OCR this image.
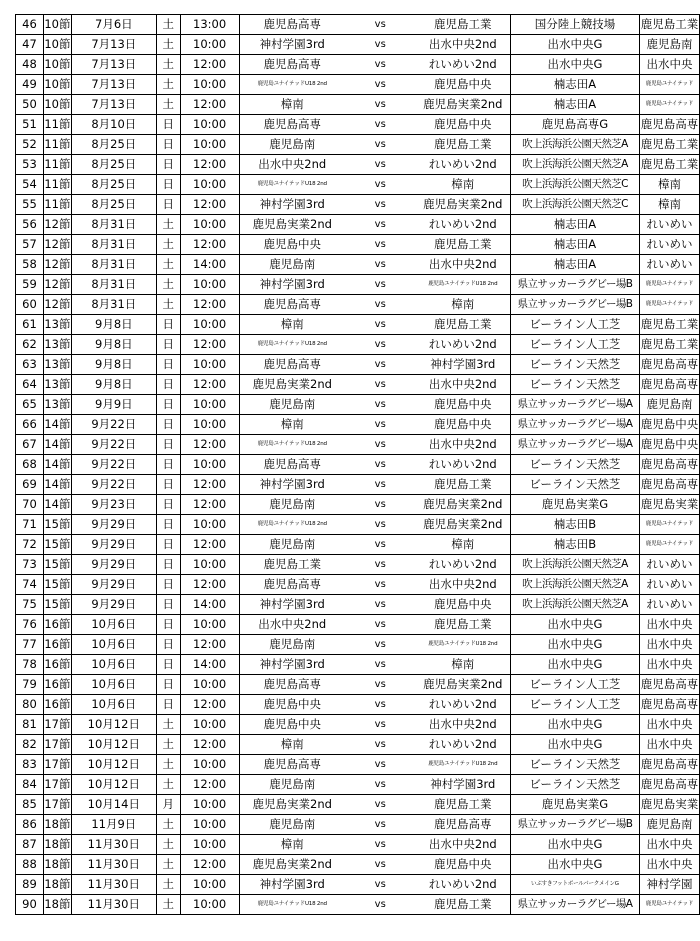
46	10節	7月6日	土	13:00	鹿児島高専	vs	鹿児島工業	国分陸上競技場	鹿児島工業
47	10節	7月13日	土	10:00	神村学園3rd	vs	出水中央2nd	出水中央G	鹿児島南
48	10節	7月13日	土	12:00	鹿児島高専	vs	れいめい2nd	出水中央G	出水中央
49	10節	7月13日	土	10:00	鹿児島ユナイテッドU18 2nd	vs	鹿児島中央	楠志田A	鹿児島ユナイテッド
50	10節	7月13日	土	12:00	樟南	vs	鹿児島実業2nd	楠志田A	鹿児島ユナイテッド
51	11節	8月10日	日	10:00	鹿児島高専	vs	鹿児島中央	鹿児島高専G	鹿児島高専
52	11節	8月25日	日	10:00	鹿児島南	vs	鹿児島工業	吹上浜海浜公園天然芝A	鹿児島工業
53	11節	8月25日	日	12:00	出水中央2nd	vs	れいめい2nd	吹上浜海浜公園天然芝A	鹿児島工業
54	11節	8月25日	日	10:00	鹿児島ユナイテッドU18 2nd	vs	樟南	吹上浜海浜公園天然芝C	樟南
55	11節	8月25日	日	12:00	神村学園3rd	vs	鹿児島実業2nd	吹上浜海浜公園天然芝C	樟南
56	12節	8月31日	土	10:00	鹿児島実業2nd	vs	れいめい2nd	楠志田A	れいめい
57	12節	8月31日	土	12:00	鹿児島中央	vs	鹿児島工業	楠志田A	れいめい
58	12節	8月31日	土	14:00	鹿児島南	vs	出水中央2nd	楠志田A	れいめい
59	12節	8月31日	土	10:00	神村学園3rd	vs	鹿児島ユナイテッドU18 2nd	県立サッカーラグビー場B	鹿児島ユナイテッド
60	12節	8月31日	土	12:00	鹿児島高専	vs	樟南	県立サッカーラグビー場B	鹿児島ユナイテッド
61	13節	9月8日	日	10:00	樟南	vs	鹿児島工業	ビーライン人工芝	鹿児島工業
62	13節	9月8日	日	12:00	鹿児島ユナイテッドU18 2nd	vs	れいめい2nd	ビーライン人工芝	鹿児島工業
63	13節	9月8日	日	10:00	鹿児島高専	vs	神村学園3rd	ビーライン天然芝	鹿児島高専
64	13節	9月8日	日	12:00	鹿児島実業2nd	vs	出水中央2nd	ビーライン天然芝	鹿児島高専
65	13節	9月9日	日	10:00	鹿児島南	vs	鹿児島中央	県立サッカーラグビー場A	鹿児島南
66	14節	9月22日	日	10:00	樟南	vs	鹿児島中央	県立サッカーラグビー場A	鹿児島中央
67	14節	9月22日	日	12:00	鹿児島ユナイテッドU18 2nd	vs	出水中央2nd	県立サッカーラグビー場A	鹿児島中央
68	14節	9月22日	日	10:00	鹿児島高専	vs	れいめい2nd	ビーライン天然芝	鹿児島高専
69	14節	9月22日	日	12:00	神村学園3rd	vs	鹿児島工業	ビーライン天然芝	鹿児島高専
70	14節	9月23日	日	12:00	鹿児島南	vs	鹿児島実業2nd	鹿児島実業G	鹿児島実業
71	15節	9月29日	日	10:00	鹿児島ユナイテッドU18 2nd	vs	鹿児島実業2nd	楠志田B	鹿児島ユナイテッド
72	15節	9月29日	日	12:00	鹿児島南	vs	樟南	楠志田B	鹿児島ユナイテッド
73	15節	9月29日	日	10:00	鹿児島工業	vs	れいめい2nd	吹上浜海浜公園天然芝A	れいめい
74	15節	9月29日	日	12:00	鹿児島高専	vs	出水中央2nd	吹上浜海浜公園天然芝A	れいめい
75	15節	9月29日	日	14:00	神村学園3rd	vs	鹿児島中央	吹上浜海浜公園天然芝A	れいめい
76	16節	10月6日	日	10:00	出水中央2nd	vs	鹿児島工業	出水中央G	出水中央
77	16節	10月6日	日	12:00	鹿児島南	vs	鹿児島ユナイテッドU18 2nd	出水中央G	出水中央
78	16節	10月6日	日	14:00	神村学園3rd	vs	樟南	出水中央G	出水中央
79	16節	10月6日	日	10:00	鹿児島高専	vs	鹿児島実業2nd	ビーライン人工芝	鹿児島高専
80	16節	10月6日	日	12:00	鹿児島中央	vs	れいめい2nd	ビーライン人工芝	鹿児島高専
81	17節	10月12日	土	10:00	鹿児島中央	vs	出水中央2nd	出水中央G	出水中央
82	17節	10月12日	土	12:00	樟南	vs	れいめい2nd	出水中央G	出水中央
83	17節	10月12日	土	10:00	鹿児島高専	vs	鹿児島ユナイテッドU18 2nd	ビーライン天然芝	鹿児島高専
84	17節	10月12日	土	12:00	鹿児島南	vs	神村学園3rd	ビーライン天然芝	鹿児島高専
85	17節	10月14日	月	10:00	鹿児島実業2nd	vs	鹿児島工業	鹿児島実業G	鹿児島実業
86	18節	11月9日	土	10:00	鹿児島南	vs	鹿児島高専	県立サッカーラグビー場B	鹿児島南
87	18節	11月30日	土	10:00	樟南	vs	出水中央2nd	出水中央G	出水中央
88	18節	11月30日	土	12:00	鹿児島実業2nd	vs	鹿児島中央	出水中央G	出水中央
89	18節	11月30日	土	10:00	神村学園3rd	vs	れいめい2nd	いぶすきフットボールパークメインG	神村学園
90	18節	11月30日	土	10:00	鹿児島ユナイテッドU18 2nd	vs	鹿児島工業	県立サッカーラグビー場A	鹿児島ユナイテッド
